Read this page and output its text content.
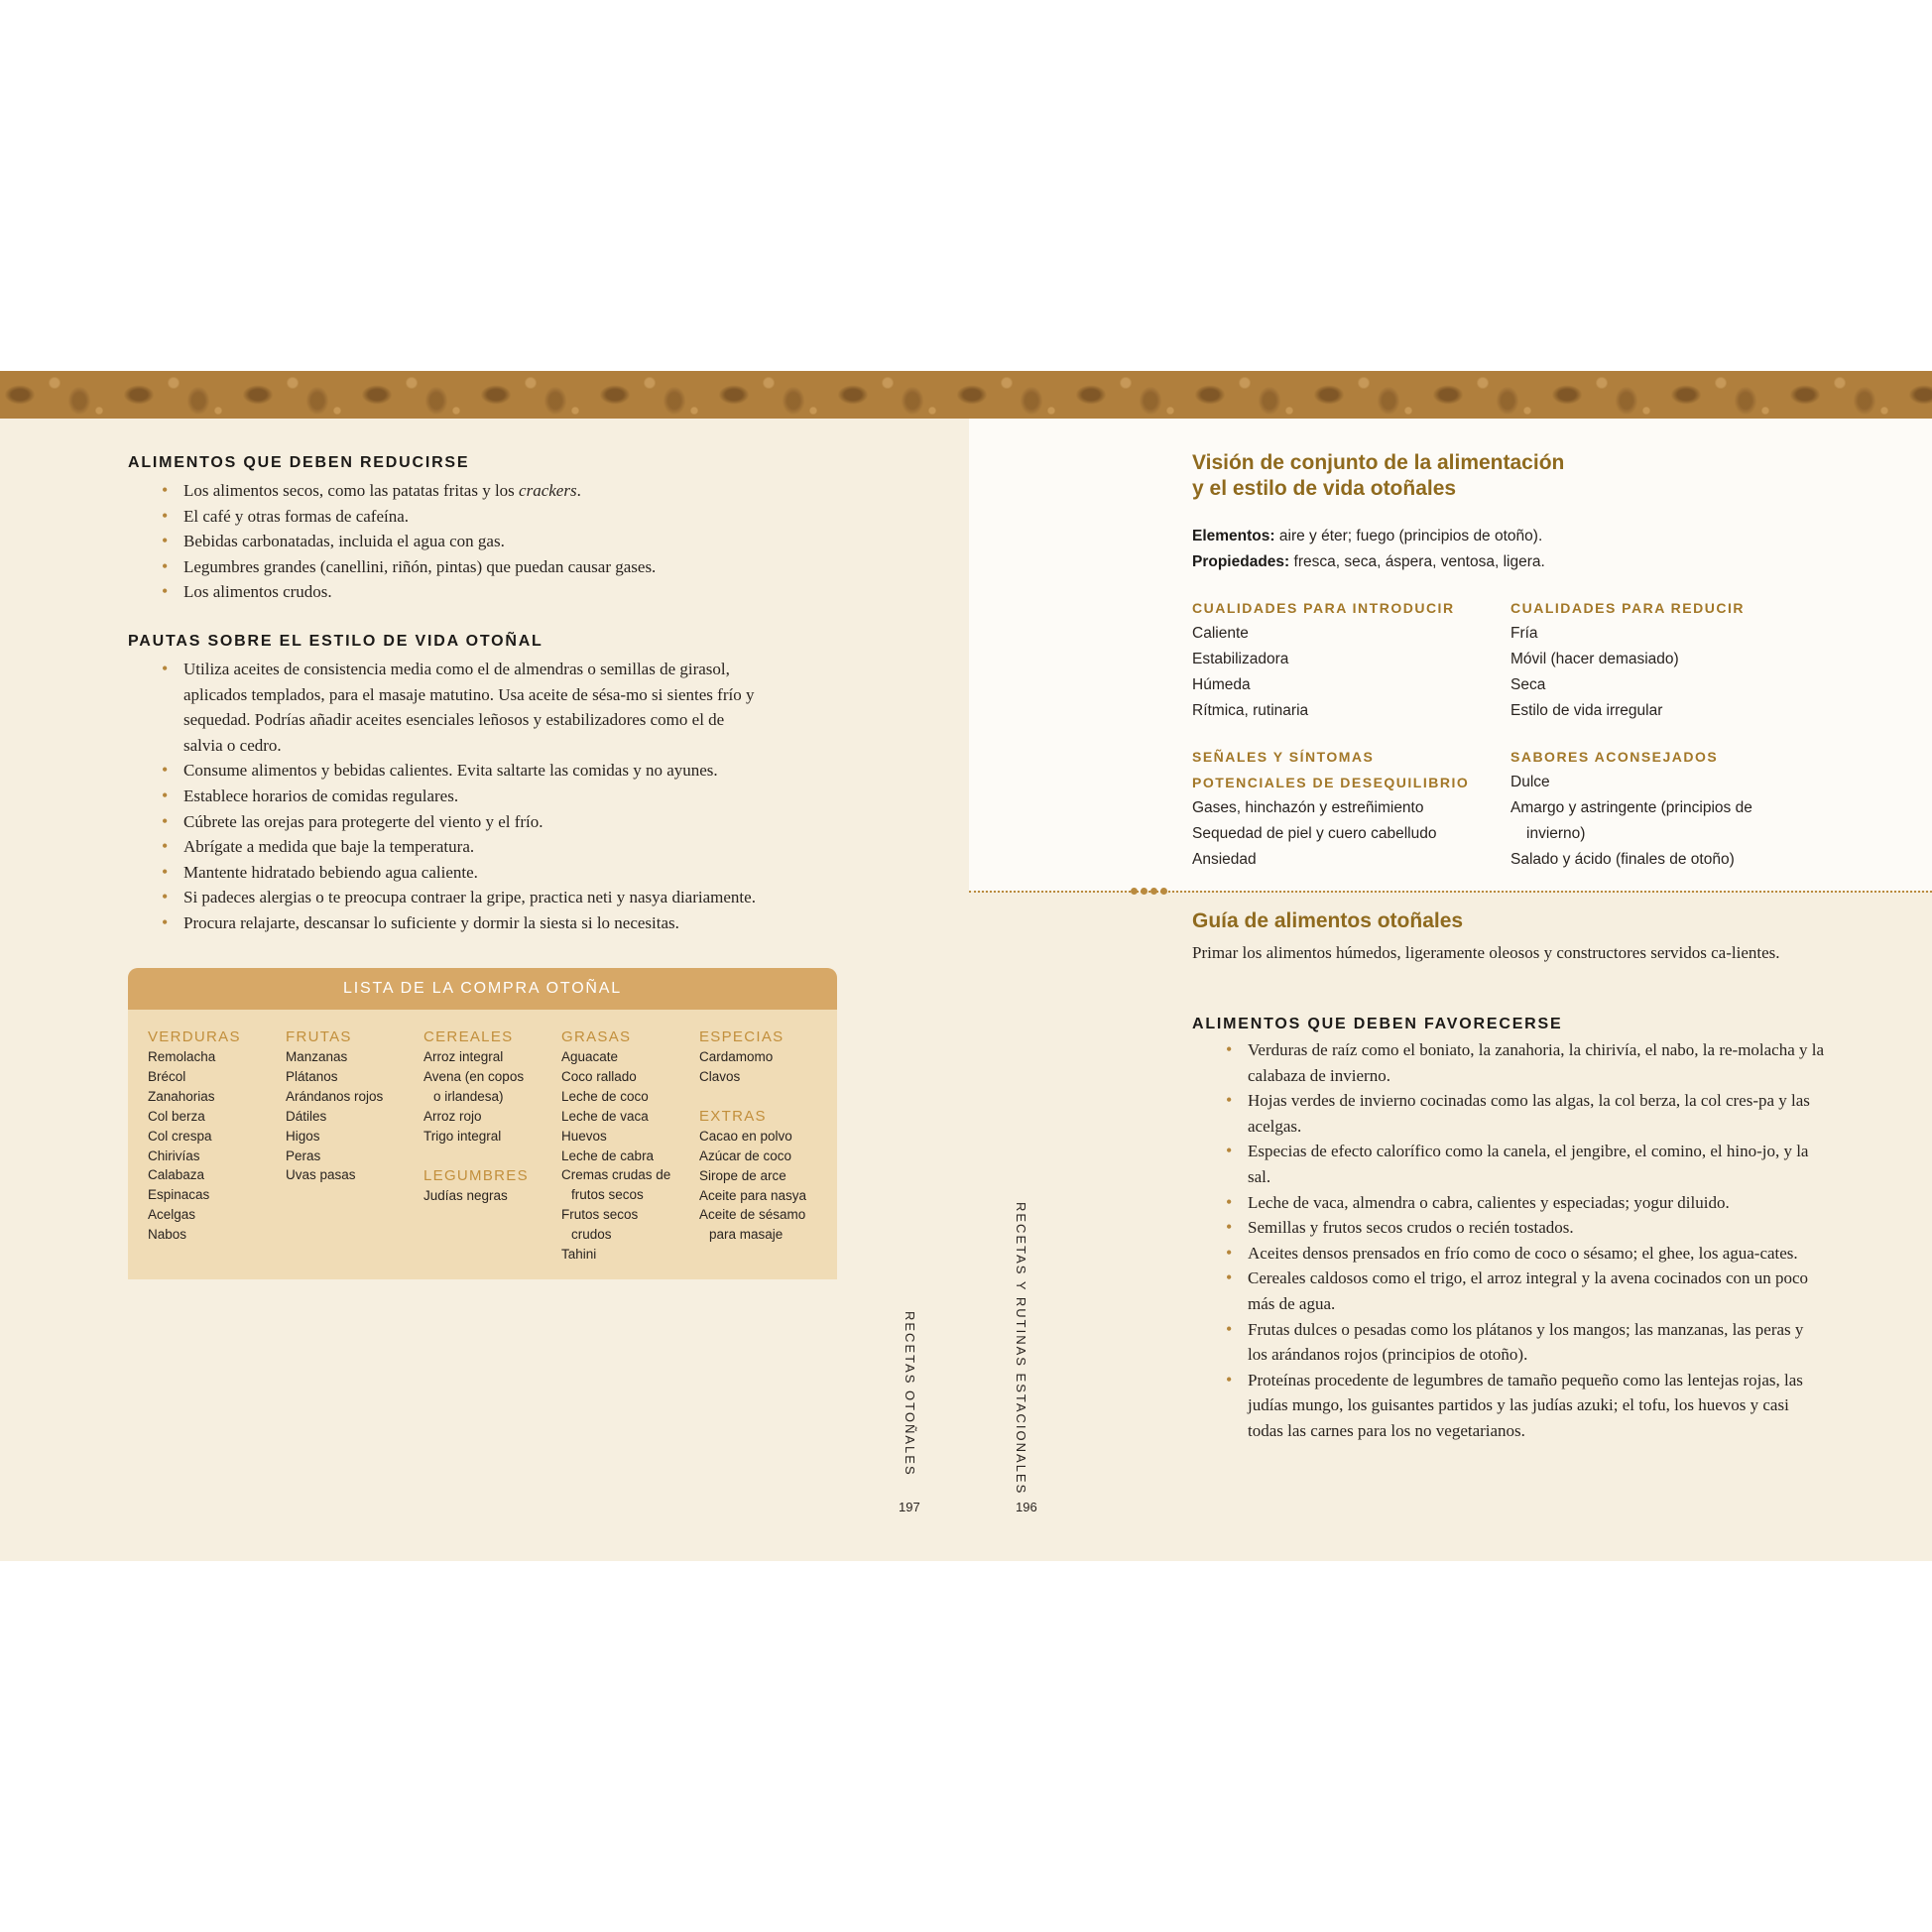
ALIMENTOS QUE DEBEN REDUCIRSE
• Los alimentos secos, como las patatas fritas y los crackers.
• El café y otras formas de cafeína.
• Bebidas carbonatadas, incluida el agua con gas.
• Legumbres grandes (canellini, riñón, pintas) que puedan causar gases.
• Los alimentos crudos.
PAUTAS SOBRE EL ESTILO DE VIDA OTOÑAL
• Utiliza aceites de consistencia media como el de almendras o semillas de girasol, aplicados templados, para el masaje matutino. Usa aceite de sésa-mo si sientes frío y sequedad. Podrías añadir aceites esenciales leñosos y estabilizadores como el de salvia o cedro.
• Consume alimentos y bebidas calientes. Evita saltarte las comidas y no ayunes.
• Establece horarios de comidas regulares.
• Cúbrete las orejas para protegerte del viento y el frío.
• Abrígate a medida que baje la temperatura.
• Mantente hidratado bebiendo agua caliente.
• Si padeces alergias o te preocupa contraer la gripe, practica neti y nasya diariamente.
• Procura relajarte, descansar lo suficiente y dormir la siesta si lo necesitas.
LISTA DE LA COMPRA OTOÑAL
VERDURAS
Remolacha
Brécol
Zanahorias
Col berza
Col crespa
Chirivías
Calabaza
Espinacas
Acelgas
Nabos
FRUTAS
Manzanas
Plátanos
Arándanos rojos
Dátiles
Higos
Peras
Uvas pasas
CEREALES
Arroz integral
Avena (en copos
o irlandesa)
Arroz rojo
Trigo integral
LEGUMBRES
Judías negras
GRASAS
Aguacate
Coco rallado
Leche de coco
Leche de vaca
Huevos
Leche de cabra
Cremas crudas de
frutos secos
Frutos secos
crudos
Tahini
ESPECIAS
Cardamomo
Clavos
EXTRAS
Cacao en polvo
Azúcar de coco
Sirope de arce
Aceite para nasya
Aceite de sésamo
para masaje
RECETAS OTOÑALES
197
RECETAS Y RUTINAS ESTACIONALES
196
Visión de conjunto de la alimentación
y el estilo de vida otoñales
Elementos: aire y éter; fuego (principios de otoño).
Propiedades: fresca, seca, áspera, ventosa, ligera.
CUALIDADES PARA INTRODUCIR
Caliente
Estabilizadora
Húmeda
Rítmica, rutinaria
CUALIDADES PARA REDUCIR
Fría
Móvil (hacer demasiado)
Seca
Estilo de vida irregular
SEÑALES Y SÍNTOMAS
POTENCIALES DE DESEQUILIBRIO
Gases, hinchazón y estreñimiento
Sequedad de piel y cuero cabelludo
Ansiedad
SABORES ACONSEJADOS
Dulce
Amargo y astringente (principios de
invierno)
Salado y ácido (finales de otoño)
Guía de alimentos otoñales
Primar los alimentos húmedos, ligeramente oleosos y constructores servidos ca-lientes.
ALIMENTOS QUE DEBEN FAVORECERSE
• Verduras de raíz como el boniato, la zanahoria, la chirivía, el nabo, la re-molacha y la calabaza de invierno.
• Hojas verdes de invierno cocinadas como las algas, la col berza, la col cres-pa y las acelgas.
• Especias de efecto calorífico como la canela, el jengibre, el comino, el hino-jo, y la sal.
• Leche de vaca, almendra o cabra, calientes y especiadas; yogur diluido.
• Semillas y frutos secos crudos o recién tostados.
• Aceites densos prensados en frío como de coco o sésamo; el ghee, los agua-cates.
• Cereales caldosos como el trigo, el arroz integral y la avena cocinados con un poco más de agua.
• Frutas dulces o pesadas como los plátanos y los mangos; las manzanas, las peras y los arándanos rojos (principios de otoño).
• Proteínas procedente de legumbres de tamaño pequeño como las lentejas rojas, las judías mungo, los guisantes partidos y las judías azuki; el tofu, los huevos y casi todas las carnes para los no vegetarianos.
